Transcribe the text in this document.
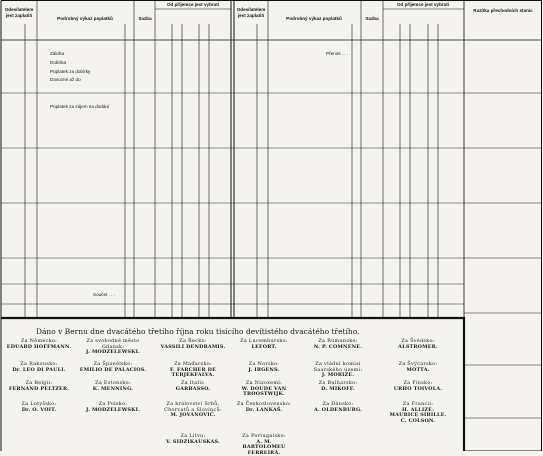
Odesílatelem jest zaplatiti
Podrobný výkaz poplatků	Sazba
Od příjemce jest vybrati
Odesílatelem jest zaplatiti
Podrobný výkaz poplatků	Sazba
Od příjemce jest vybrati
Razítka přechodních stanic
Záloha
Dobírka
Poplatek za dobírky
Dovozné až do
Poplatek za zájem na dodání
Přenos . . .
Součet . . .
Dáno v Bernu dne dvacátého třetího října roku tisícího devítistého dvacátého třetího.
Za Německo:
EDUARD HOFFMANN.
Za svobodné město Gdansk:
J. MODZELEWSKI.
Za Řecko:
VASSILI DENDRAMIS.
Za Lucembursko:
LEFORT.
Za Rumunsko:
N. P. COMNENE.
Za Švédsko:
ALSTROMER.
Za Rakousko:
Dr. LEO DI PAULI.
Za Španělsko:
EMILIO DE PALACIOS.
Za Maďarsko:
F. FARCHER DE TERJÉKFALVA.
Za Norsko:
J. IRGENS.
Za vládní komisi Saarského území:
J. MORIZE.
Za Švýcarsko:
MOTTA.
Za Belgii:
FERNAND PELTZER.
Za Estonsko:
K. MENNING.
Za Italii:
GARBASSO.
Za Nizozemí:
W. DOUDE VAN TROOSTWIJK.
Za Bulharsko:
D. MIKOFF.
Za Finsko:
URHO TOIVOLA.
Za Lotyšsko:
Dr. O. VOIT.
Za Polsko:
J. MODZELEWSKI.
Za království Srbů, Chorvatů a Slovinců:
M. JOVANOVIĆ.
Za Československo:
Dr. LANKAŠ.
Za Dánsko:
A. OLDENBURG.
Za Francii:
H. ALLIZÉ. MAURICE SIBILLE. C. COLSON.
Za Litvu:
V. SIDZIKAUSKAS.
Za Portugalsko:
A. M. BARTOLOMEU FERREIRA.
